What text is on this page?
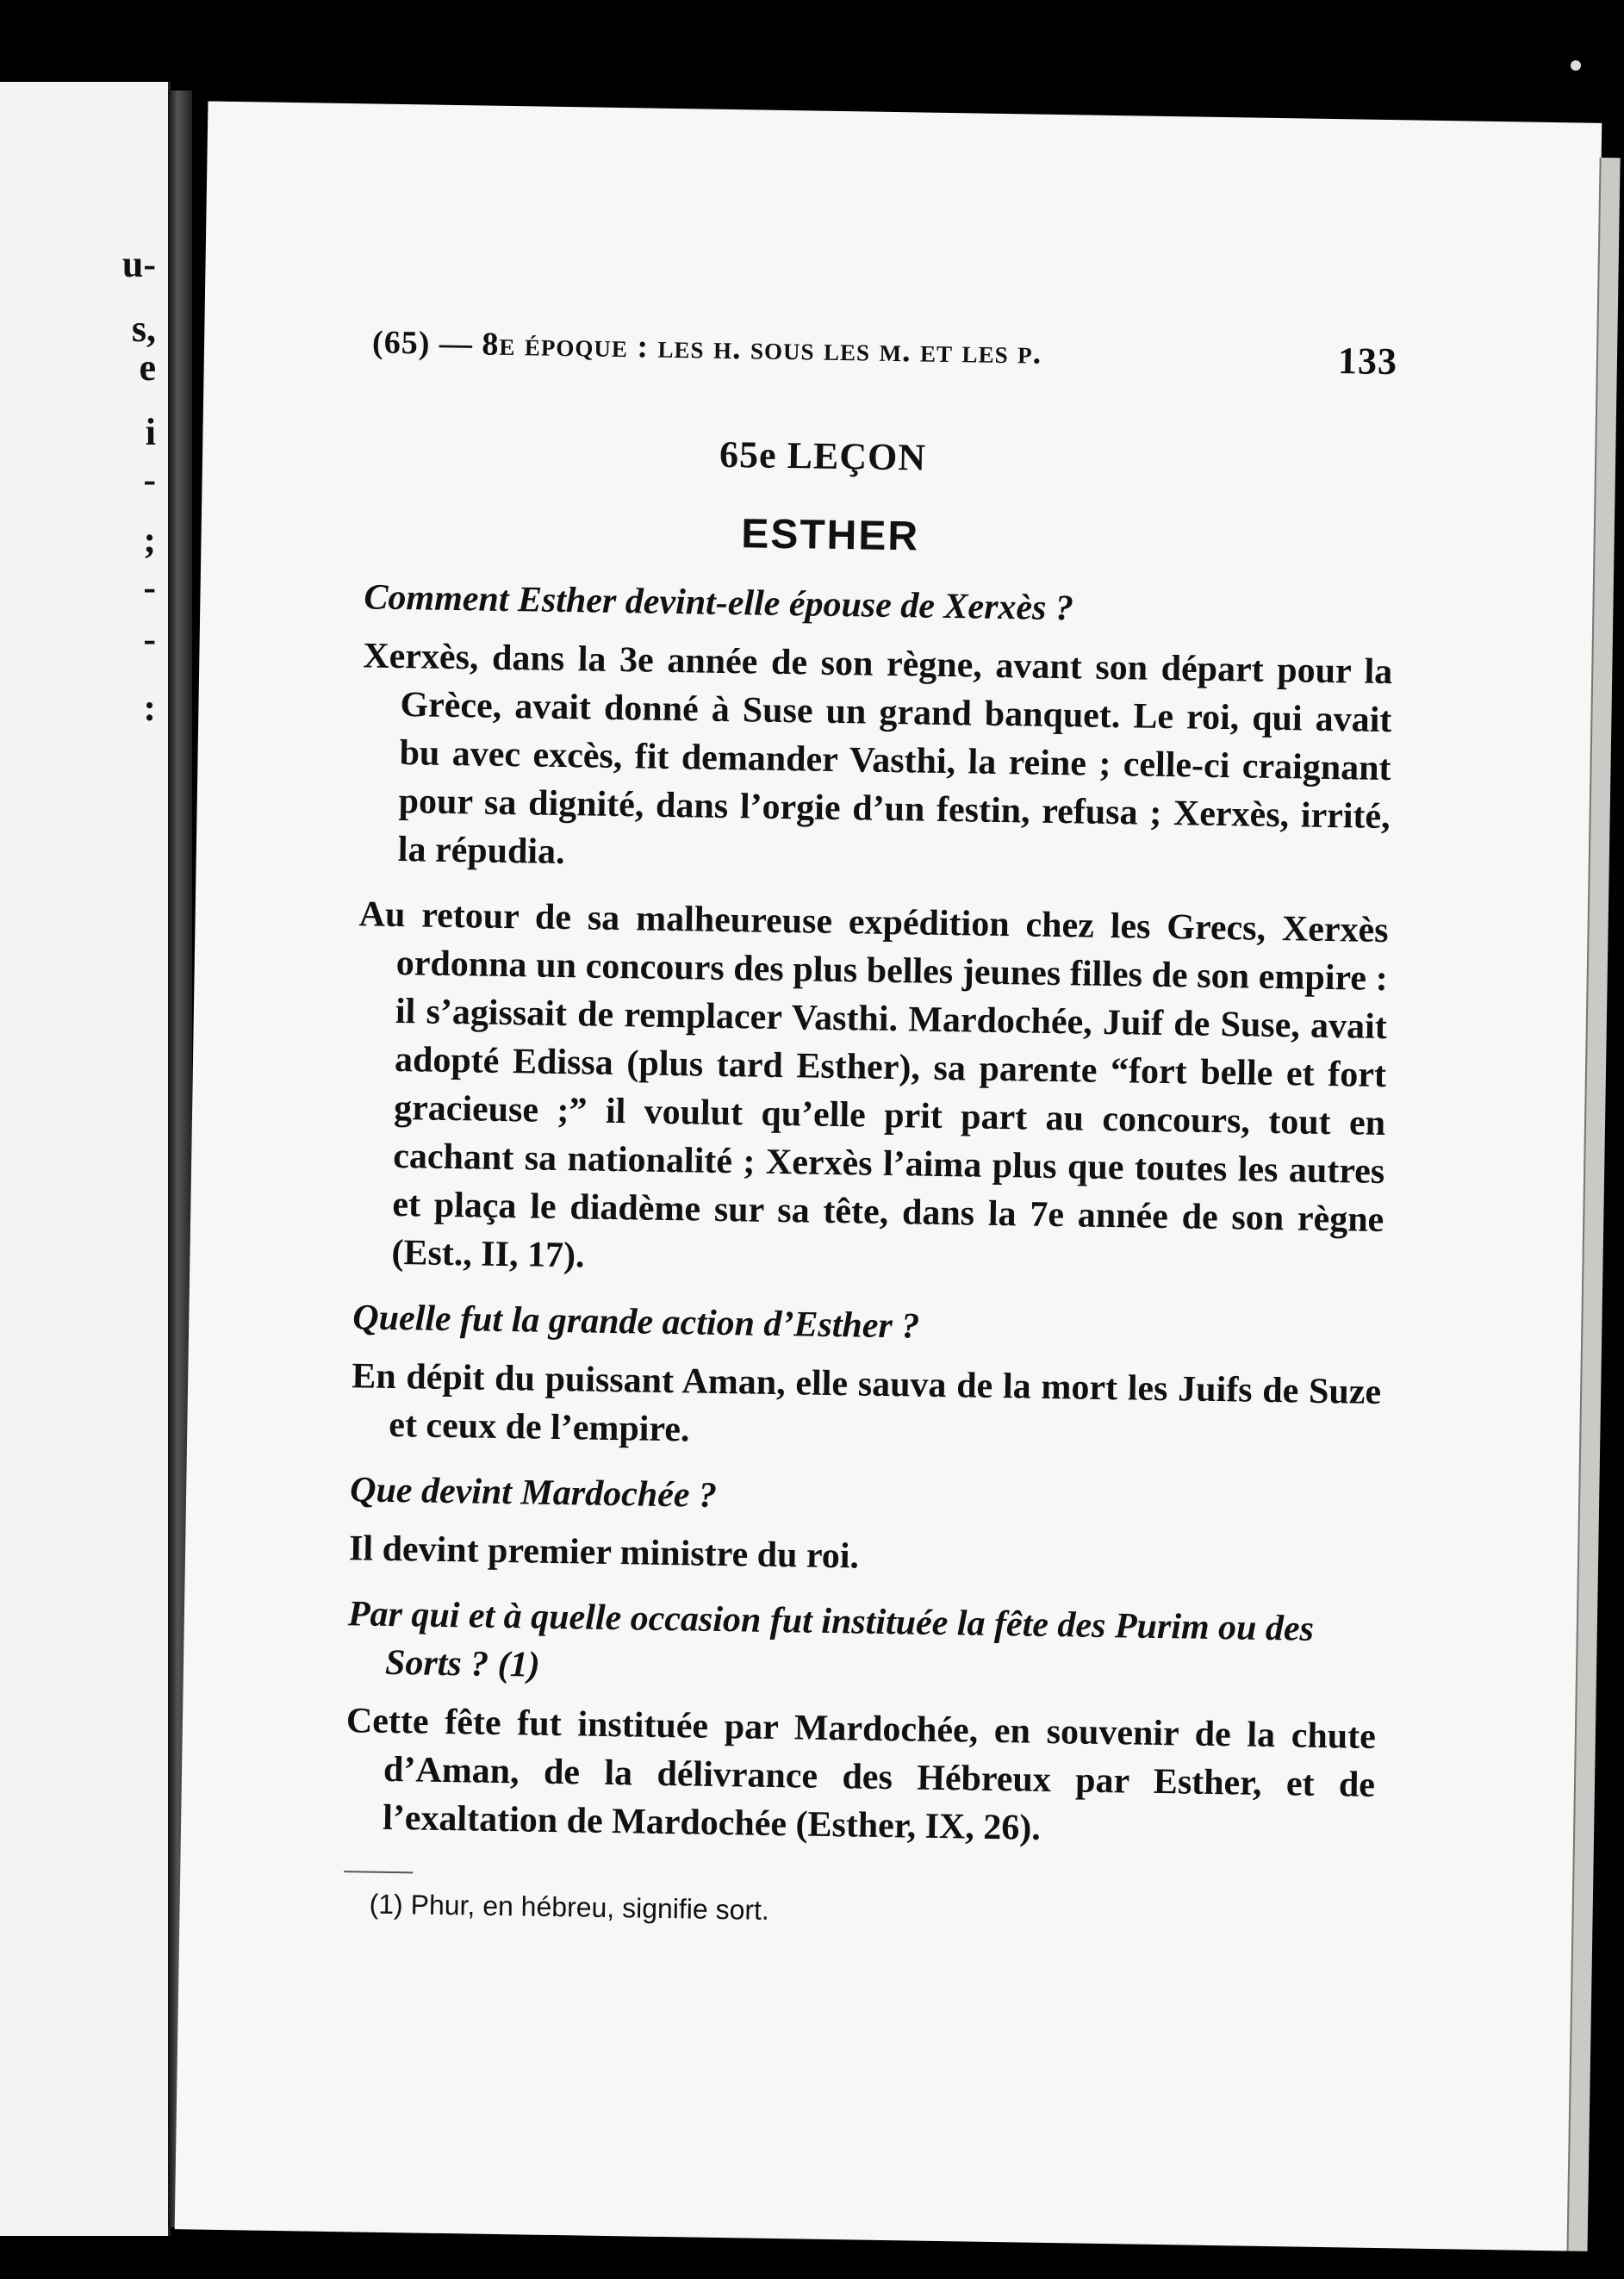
u-
s,
e
i
-
;
-
-
:
(65) — 8e époque : les h. sous les m. et les p.	133
65e LEÇON
ESTHER

Comment Esther devint-elle épouse de Xerxès ?

Xerxès, dans la 3e année de son règne, avant son départ pour la Grèce, avait donné à Suse un grand banquet. Le roi, qui avait bu avec excès, fit demander Vasthi, la reine ; celle-ci craignant pour sa dignité, dans l’orgie d’un festin, refusa ; Xerxès, irrité, la répudia.

Au retour de sa malheureuse expédition chez les Grecs, Xerxès ordonna un concours des plus belles jeunes filles de son empire : il s’agissait de remplacer Vasthi. Mardochée, Juif de Suse, avait adopté Edissa (plus tard Esther), sa parente “fort belle et fort gracieuse ;” il voulut qu’elle prit part au concours, tout en cachant sa nationalité ; Xerxès l’aima plus que toutes les autres et plaça le diadème sur sa tête, dans la 7e année de son règne (Est., II, 17).

Quelle fut la grande action d’Esther ?

En dépit du puissant Aman, elle sauva de la mort les Juifs de Suze et ceux de l’empire.

Que devint Mardochée ?

Il devint premier ministre du roi.

Par qui et à quelle occasion fut instituée la fête des Purim ou des Sorts ? (1)

Cette fête fut instituée par Mardochée, en souvenir de la chute d’Aman, de la délivrance des Hébreux par Esther, et de l’exaltation de Mardochée (Esther, IX, 26).

(1) Phur, en hébreu, signifie sort.
